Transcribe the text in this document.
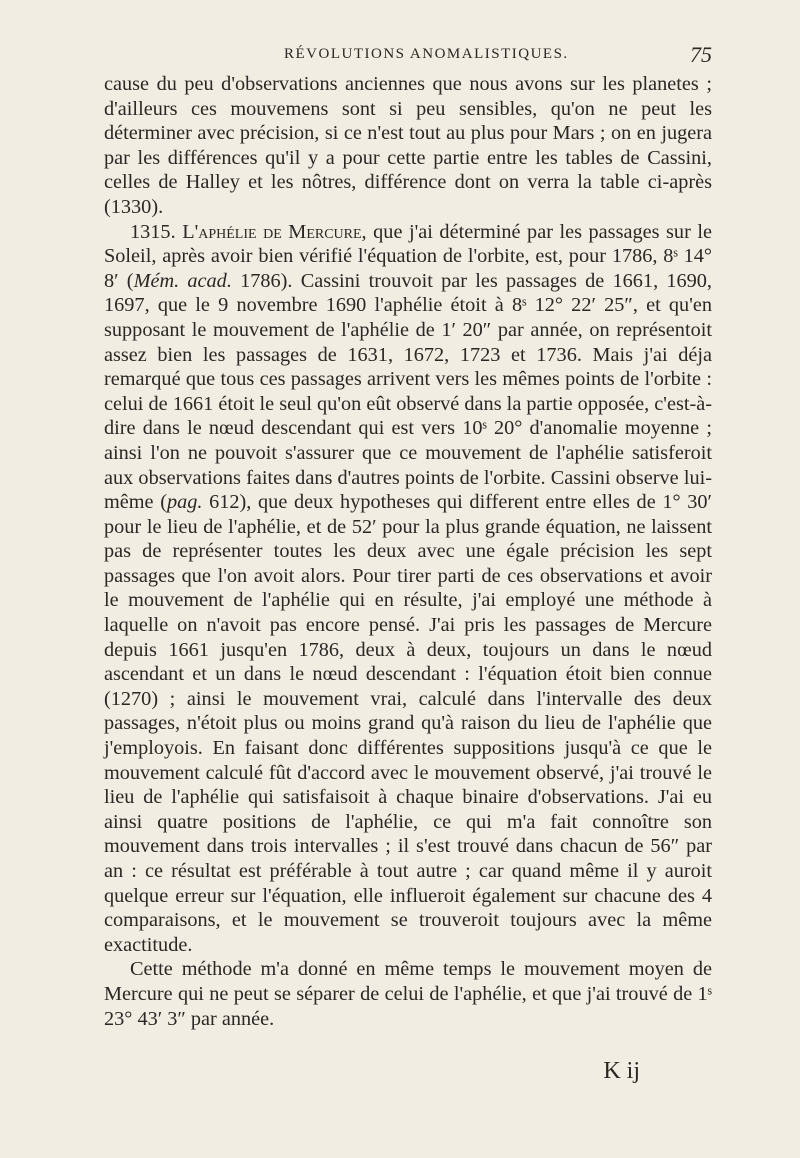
RÉVOLUTIONS ANOMALISTIQUES.	75

cause du peu d'observations anciennes que nous avons sur les planetes ; d'ailleurs ces mouvemens sont si peu sensibles, qu'on ne peut les déterminer avec précision, si ce n'est tout au plus pour Mars ; on en jugera par les différences qu'il y a pour cette partie entre les tables de Cassini, celles de Halley et les nôtres, différence dont on verra la table ci-après (1330).

1315. L'aphélie de Mercure, que j'ai déterminé par les passages sur le Soleil, après avoir bien vérifié l'équation de l'orbite, est, pour 1786, 8ˢ 14° 8′ (Mém. acad. 1786). Cassini trouvoit par les passages de 1661, 1690, 1697, que le 9 novembre 1690 l'aphélie étoit à 8ˢ 12° 22′ 25″, et qu'en supposant le mouvement de l'aphélie de 1′ 20″ par année, on représentoit assez bien les passages de 1631, 1672, 1723 et 1736. Mais j'ai déja remarqué que tous ces passages arrivent vers les mêmes points de l'orbite : celui de 1661 étoit le seul qu'on eût observé dans la partie opposée, c'est-à-dire dans le nœud descendant qui est vers 10ˢ 20° d'anomalie moyenne ; ainsi l'on ne pouvoit s'assurer que ce mouvement de l'aphélie satisferoit aux observations faites dans d'autres points de l'orbite. Cassini observe lui-même (pag. 612), que deux hypotheses qui different entre elles de 1° 30′ pour le lieu de l'aphélie, et de 52′ pour la plus grande équation, ne laissent pas de représenter toutes les deux avec une égale précision les sept passages que l'on avoit alors. Pour tirer parti de ces observations et avoir le mouvement de l'aphélie qui en résulte, j'ai employé une méthode à laquelle on n'avoit pas encore pensé. J'ai pris les passages de Mercure depuis 1661 jusqu'en 1786, deux à deux, toujours un dans le nœud ascendant et un dans le nœud descendant : l'équation étoit bien connue (1270) ; ainsi le mouvement vrai, calculé dans l'intervalle des deux passages, n'étoit plus ou moins grand qu'à raison du lieu de l'aphélie que j'employois. En faisant donc différentes suppositions jusqu'à ce que le mouvement calculé fût d'accord avec le mouvement observé, j'ai trouvé le lieu de l'aphélie qui satisfaisoit à chaque binaire d'observations. J'ai eu ainsi quatre positions de l'aphélie, ce qui m'a fait connoître son mouvement dans trois intervalles ; il s'est trouvé dans chacun de 56″ par an : ce résultat est préférable à tout autre ; car quand même il y auroit quelque erreur sur l'équation, elle influeroit également sur chacune des 4 comparaisons, et le mouvement se trouveroit toujours avec la même exactitude.

Cette méthode m'a donné en même temps le mouvement moyen de Mercure qui ne peut se séparer de celui de l'aphélie, et que j'ai trouvé de 1ˢ 23° 43′ 3″ par année.

K ij
